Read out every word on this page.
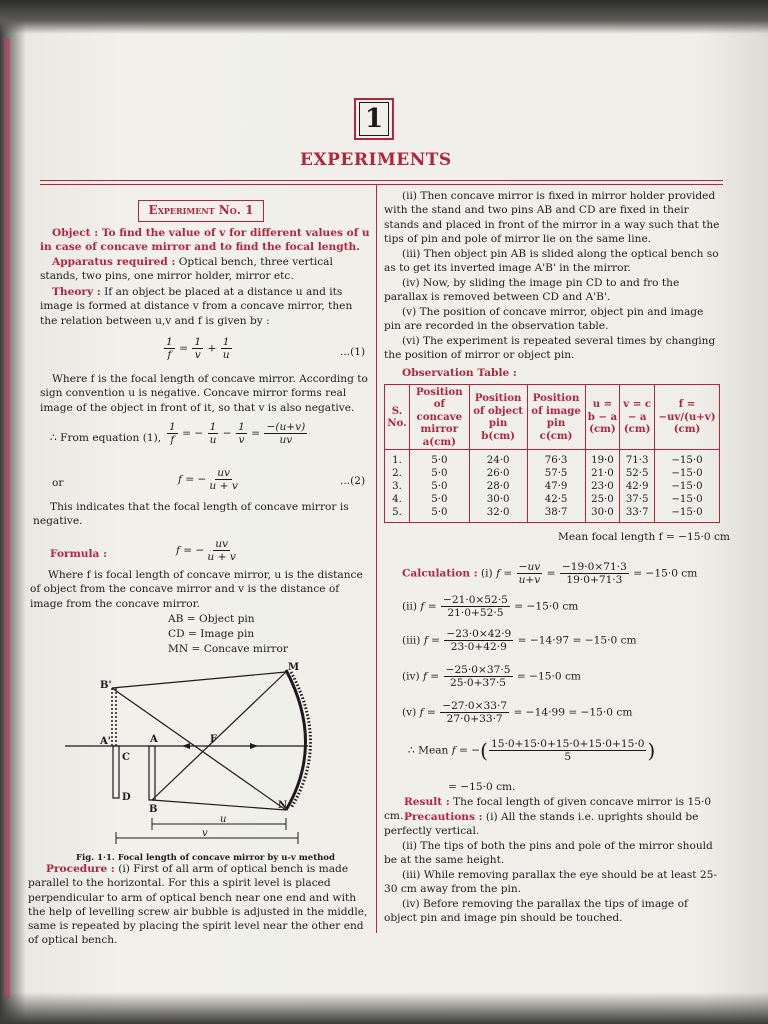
1
EXPERIMENTS
Experiment No. 1
Object : To find the value of v for different values of u in case of concave mirror and to find the focal length.
Apparatus required : Optical bench, three vertical stands, two pins, one mirror holder, mirror etc.
Theory : If an object be placed at a distance u and its image is formed at distance v from a concave mirror, then the relation between u,v and f is given by :
$\frac{1}{f} = \frac{1}{v} + \frac{1}{u}$	...(1)
Where f is the focal length of concave mirror. According to sign convention u is negative. Concave mirror forms real image of the object in front of it, so that v is also negative.
∴ From equation (1), $\frac{1}{f}$ = − $\frac{1}{u} - \frac{1}{v} = \frac{-(u+v)}{uv}$
or	f = − $\frac{uv}{u + v}$	...(2)
This indicates that the focal length of concave mirror is negative.
Formula :	f = − $\frac{uv}{u + v}$
Where f is focal length of concave mirror, u is the distance of object from the concave mirror and v is the distance of image from the concave mirror.
AB = Object pin
CD = Image pin
MN = Concave mirror
M
N
B'
A'
C
D
A	F
B
u
v
Fig. 1·1. Focal length of concave mirror by u-v method
Procedure : (i) First of all arm of optical bench is made parallel to the horizontal. For this a spirit level is placed perpendicular to arm of optical bench near one end and with the help of levelling screw air bubble is adjusted in the middle, same is repeated by placing the spirit level near the other end of optical bench.
(ii) Then concave mirror is fixed in mirror holder provided with the stand and two pins AB and CD are fixed in their stands and placed in front of the mirror in a way such that the tips of pin and pole of mirror lie on the same line.
(iii) Then object pin AB is slided along the optical bench so as to get its inverted image A'B' in the mirror.
(iv) Now, by sliding the image pin CD to and fro the parallax is removed between CD and A'B'.
(v) The position of concave mirror, object pin and image pin are recorded in the observation table.
(vi) The experiment is repeated several times by changing the position of mirror or object pin.
Observation Table :
S. No.	Position of concave mirror a(cm)	Position of object pin b(cm)	Position of image pin c(cm)	u = b − a (cm)	v = c − a (cm)	f = −uv/(u+v) (cm)
1.	5·0	24·0	76·3	19·0	71·3	−15·0
2.	5·0	26·0	57·5	21·0	52·5	−15·0
3.	5·0	28·0	47·9	23·0	42·9	−15·0
4.	5·0	30·0	42·5	25·0	37·5	−15·0
5.	5·0	32·0	38·7	30·0	33·7	−15·0
Mean focal length f = −15·0 cm
Calculation : (i) $f = \frac{-uv}{u+v} = \frac{-19\cdot 0\times 71\cdot 3}{19\cdot 0+71\cdot 3} = -15\cdot 0$ cm
(ii) $f = \frac{-21\cdot 0\times 52\cdot 5}{21\cdot 0+52\cdot 5} = -15\cdot 0$ cm
(iii) $f = \frac{-23\cdot 0\times 42\cdot 9}{23\cdot 0+42\cdot 9} = -14\cdot 97 = -15\cdot 0$ cm
(iv) $f = \frac{-25\cdot 0\times 37\cdot 5}{25\cdot 0+37\cdot 5} = -15\cdot 0$ cm
(v) $f = \frac{-27\cdot 0\times 33\cdot 7}{27\cdot 0+33\cdot 7} = -14\cdot 99 = -15\cdot 0$ cm
∴ Mean f = −( $\frac{15\cdot 0+15\cdot 0+15\cdot 0+15\cdot 0+15\cdot 0}{5}$ )
= −15·0 cm.
Result : The focal length of given concave mirror is 15·0 cm. Precautions : (i) All the stands i.e. uprights should be perfectly vertical.
(ii) The tips of both the pins and pole of the mirror should be at the same height.
(iii) While removing parallax the eye should be at least 25-30 cm away from the pin.
(iv) Before removing the parallax the tips of image of object pin and image pin should be touched.
